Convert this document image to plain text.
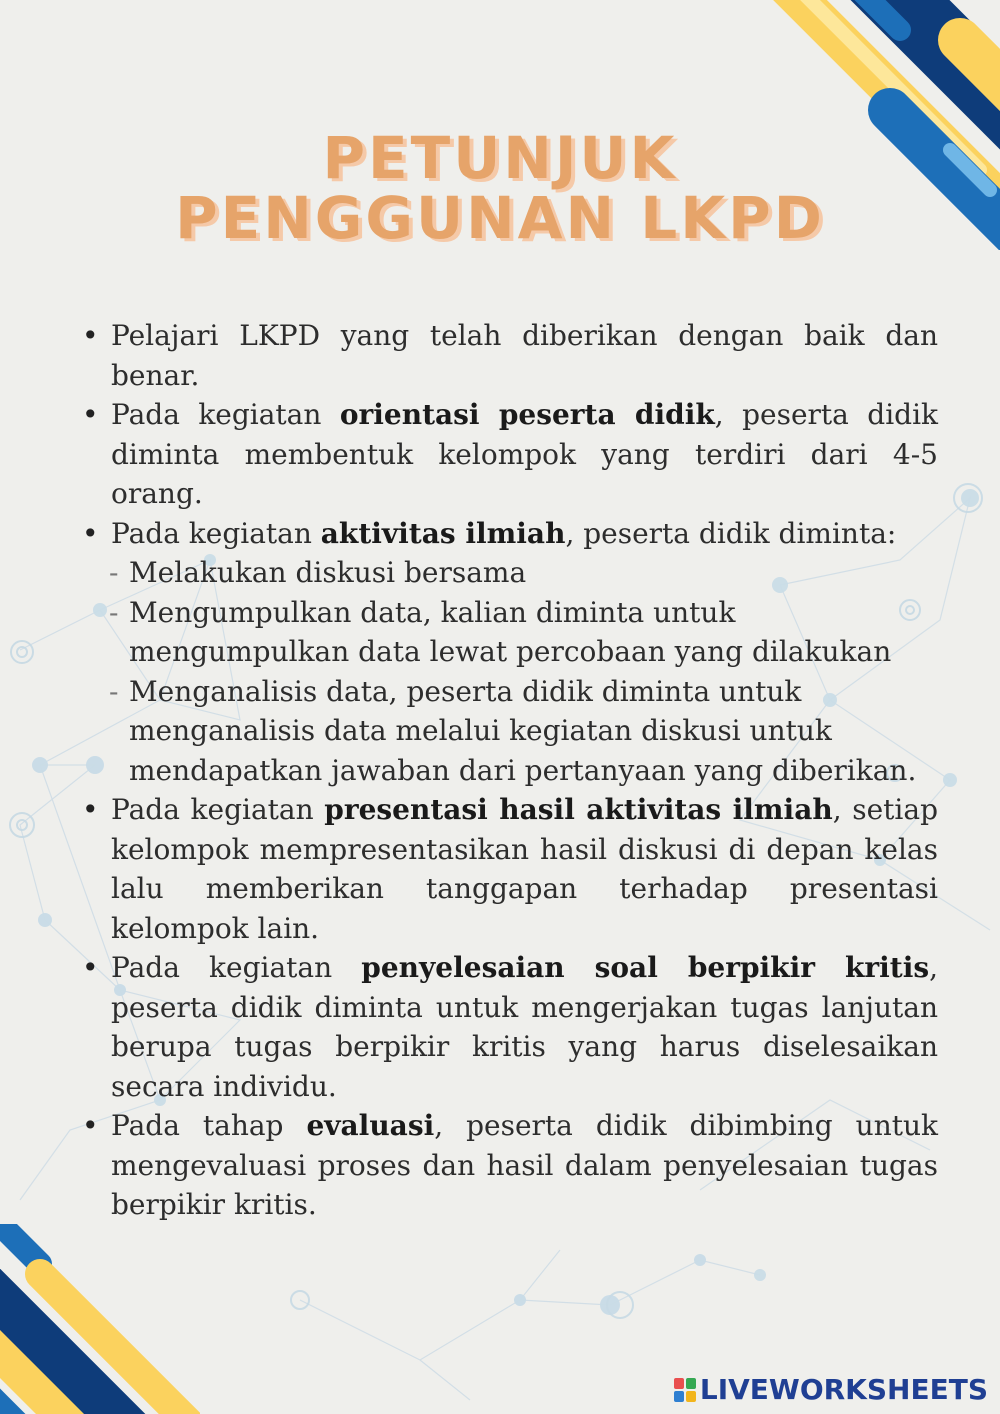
PETUNJUK
PENGGUNAN LKPD
• Pelajari LKPD yang telah diberikan dengan baik dan benar.
• Pada kegiatan orientasi peserta didik, peserta didik diminta membentuk kelompok yang terdiri dari 4-5 orang.
• Pada kegiatan aktivitas ilmiah, peserta didik diminta:
- Melakukan diskusi bersama
- Mengumpulkan data, kalian diminta untuk mengumpulkan data lewat percobaan yang dilakukan
- Menganalisis data, peserta didik diminta untuk menganalisis data melalui kegiatan diskusi untuk mendapatkan jawaban dari pertanyaan yang diberikan.
• Pada kegiatan presentasi hasil aktivitas ilmiah, setiap kelompok mempresentasikan hasil diskusi di depan kelas lalu memberikan tanggapan terhadap presentasi kelompok lain.
• Pada kegiatan penyelesaian soal berpikir kritis, peserta didik diminta untuk mengerjakan tugas lanjutan berupa tugas berpikir kritis yang harus diselesaikan secara individu.
• Pada tahap evaluasi, peserta didik dibimbing untuk mengevaluasi proses dan hasil dalam penyelesaian tugas berpikir kritis.
LIVEWORKSHEETS
